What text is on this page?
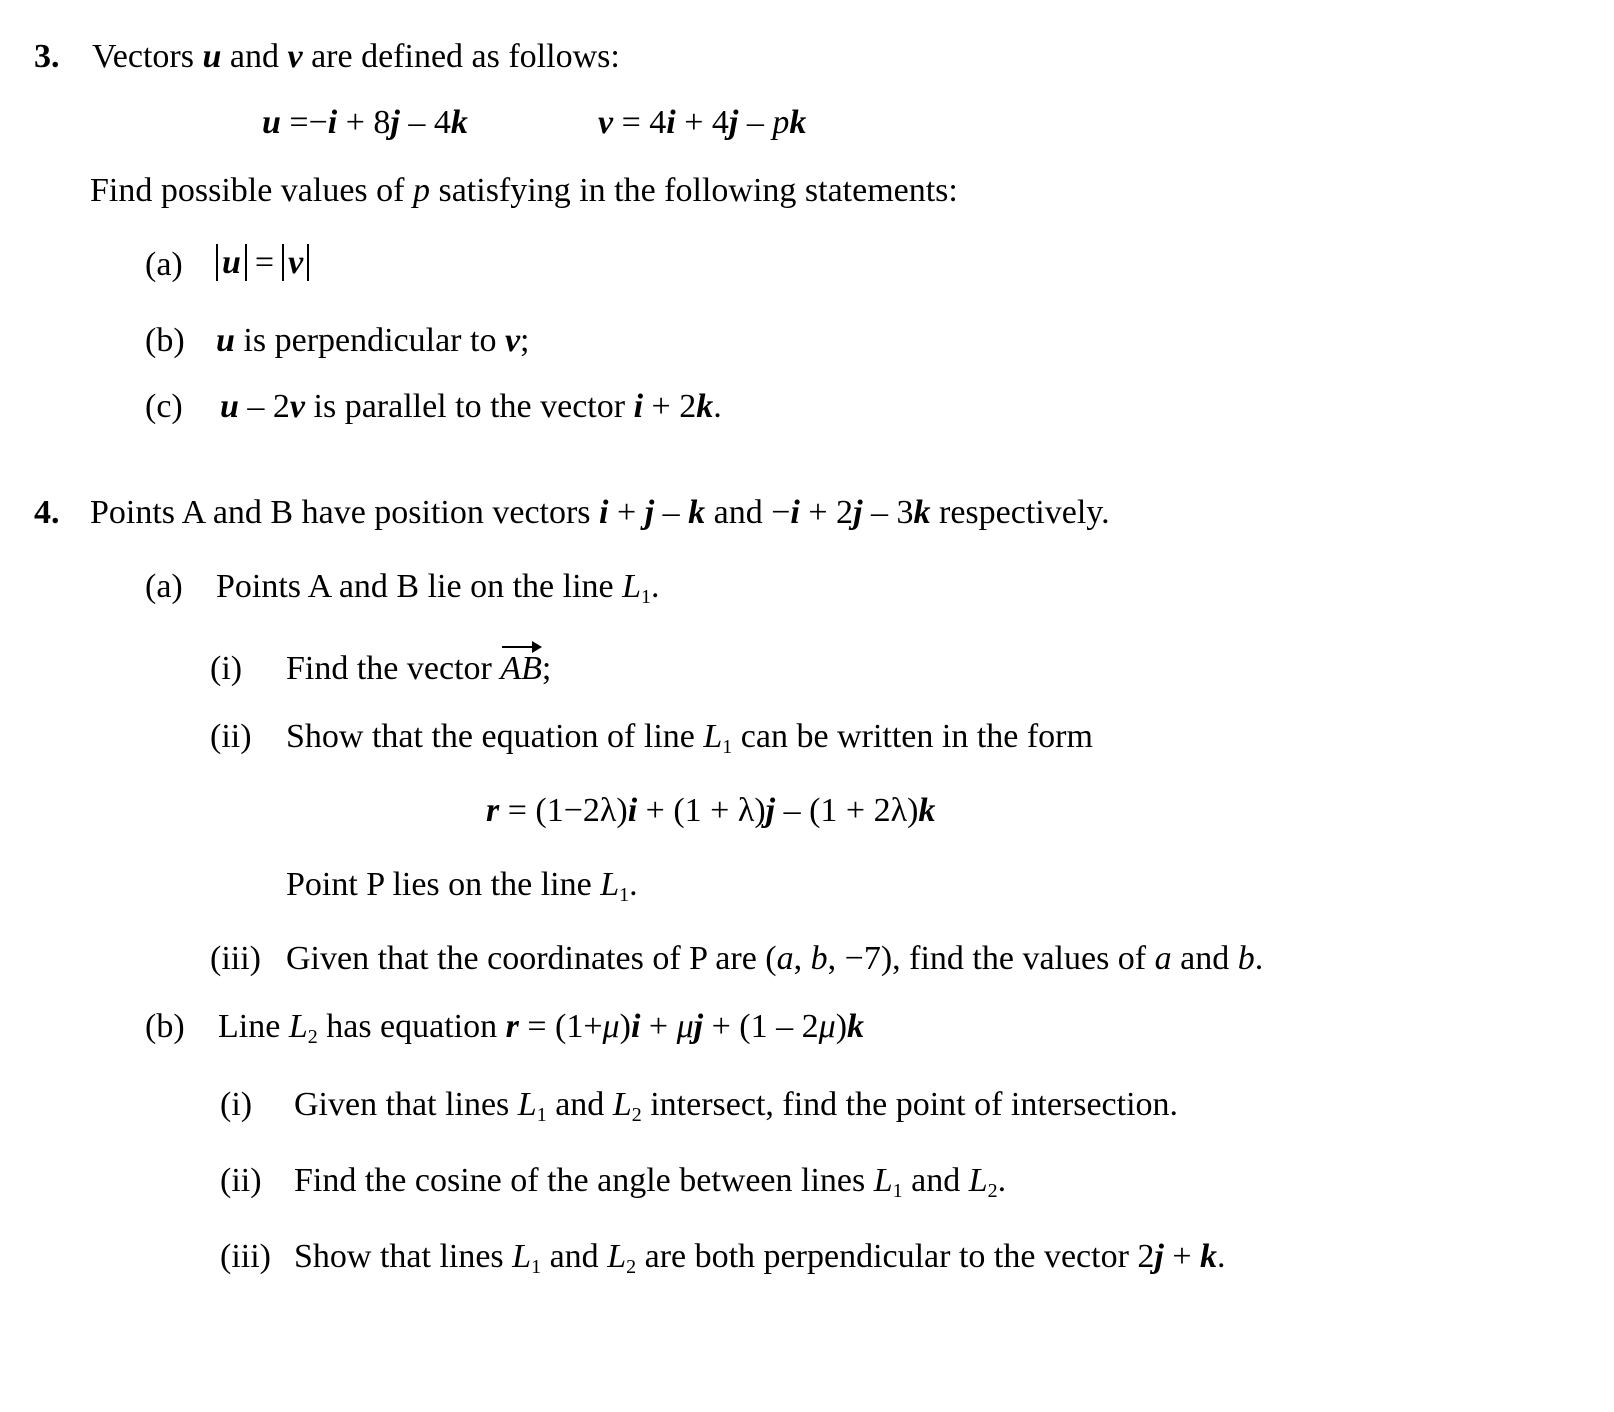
3. Vectors u and v are defined as follows:
u =−i + 8j – 4k	v = 4i + 4j – pk
Find possible values of p satisfying in the following statements:
(a) u = v
(b) u is perpendicular to v;
(c) u – 2v is parallel to the vector i + 2k.
4. Points A and B have position vectors i + j – k and −i + 2j – 3k respectively.
(a) Points A and B lie on the line $L_1$.
(i) Find the vector AB;
(ii) Show that the equation of line $L_1$ can be written in the form
r = (1−2λ)i + (1 + λ)j – (1 + 2λ)k
Point P lies on the line $L_1$.
(iii) Given that the coordinates of P are (a, b, −7), find the values of a and b.
(b) Line $L_2$ has equation r = (1+μ)i + μj + (1 – 2μ)k
(i) Given that lines $L_1$ and $L_2$ intersect, find the point of intersection.
(ii) Find the cosine of the angle between lines $L_1$ and $L_2$.
(iii) Show that lines $L_1$ and $L_2$ are both perpendicular to the vector 2j + k.
